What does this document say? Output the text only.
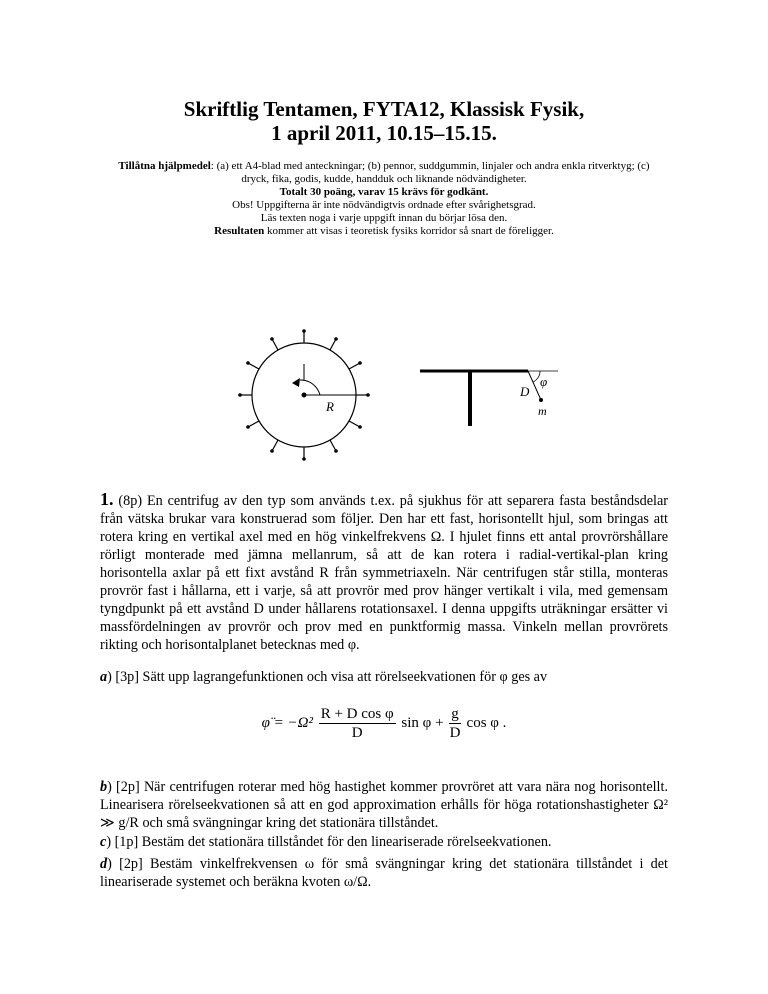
Skriftlig Tentamen, FYTA12, Klassisk Fysik,
1 april 2011, 10.15–15.15.
Tillåtna hjälpmedel: (a) ett A4-blad med anteckningar; (b) pennor, suddgummin, linjaler och andra enkla ritverktyg; (c) dryck, fika, godis, kudde, handduk och liknande nödvändigheter.
Totalt 30 poäng, varav 15 krävs för godkänt.
Obs! Uppgifterna är inte nödvändigtvis ordnade efter svårighetsgrad.
Läs texten noga i varje uppgift innan du börjar lösa den.
Resultaten kommer att visas i teoretisk fysiks korridor så snart de föreligger.
R
φ
D
m
1. (8p) En centrifug av den typ som används t.ex. på sjukhus för att separera fasta beståndsdelar från vätska brukar vara konstruerad som följer. Den har ett fast, horisontellt hjul, som bringas att rotera kring en vertikal axel med en hög vinkelfrekvens Ω. I hjulet finns ett antal provrörshållare rörligt monterade med jämna mellanrum, så att de kan rotera i radial-vertikal-plan kring horisontella axlar på ett fixt avstånd R från symmetriaxeln. När centrifugen står stilla, monteras provrör fast i hållarna, ett i varje, så att provrör med prov hänger vertikalt i vila, med gemensam tyngdpunkt på ett avstånd D under hållarens rotationsaxel. I denna uppgifts uträkningar ersätter vi massfördelningen av provrör och prov med en punktformig massa. Vinkeln mellan provrörets rikting och horisontalplanet betecknas med φ.
a) [3p] Sätt upp lagrangefunktionen och visa att rörelseekvationen för φ ges av
φ̈ = $-\Omega^2 \frac{\text{R + D cos φ}}{D}$ $\sin \varphi + \frac{g}{D}$ cos φ .
b) [2p] När centrifugen roterar med hög hastighet kommer provröret att vara nära nog horisontellt. Linearisera rörelseekvationen så att en god approximation erhålls för höga rotationshastigheter Ω² ≫ g/R och små svängningar kring det stationära tillståndet.
c) [1p] Bestäm det stationära tillståndet för den lineariserade rörelseekvationen.
d) [2p] Bestäm vinkelfrekvensen ω för små svängningar kring det stationära tillståndet i det lineariserade systemet och beräkna kvoten ω/Ω.
